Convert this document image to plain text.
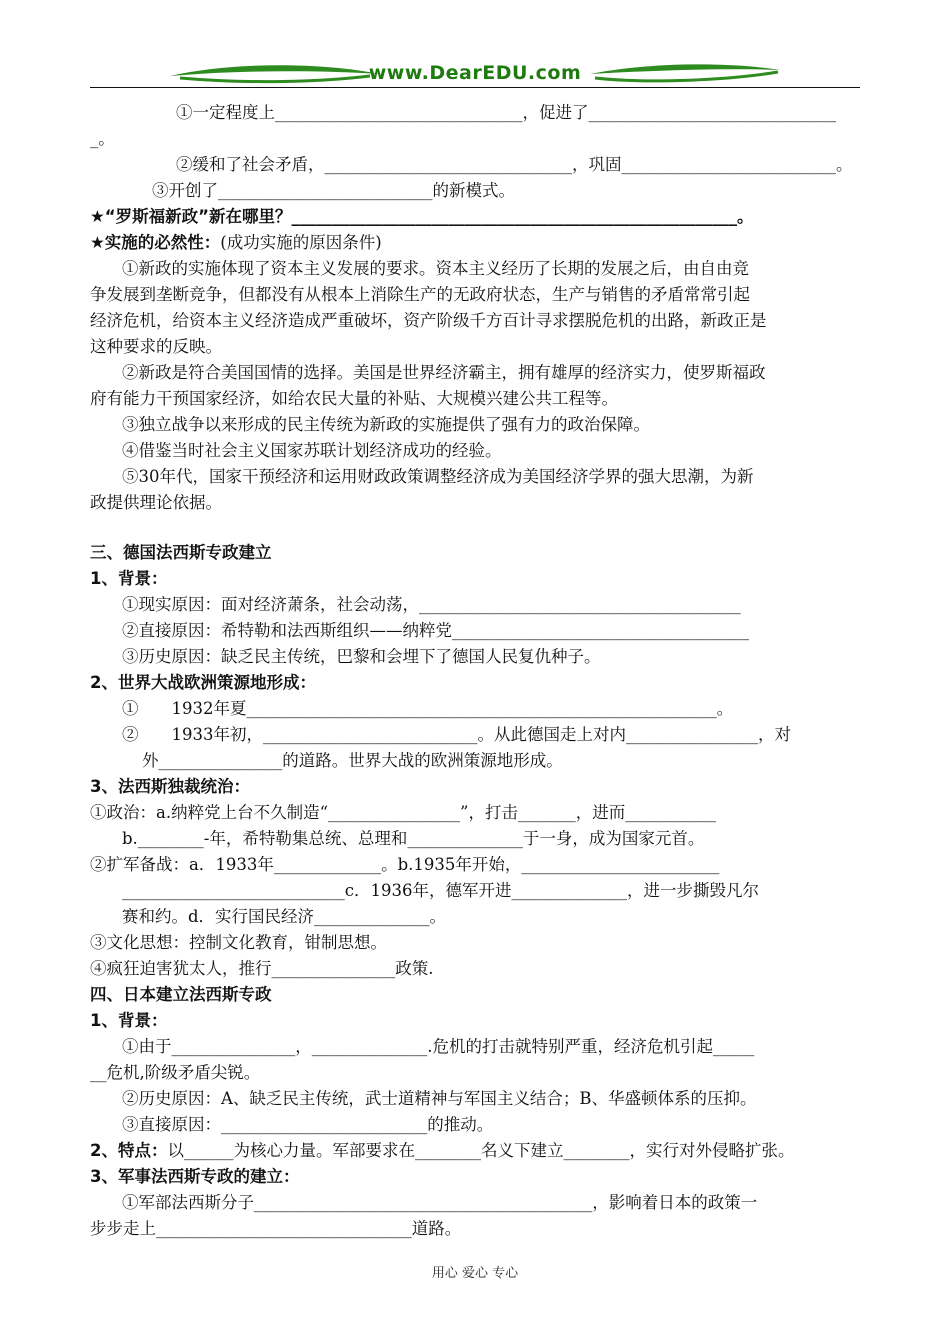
www.DearEDU.com
①一定程度上______________________________，促进了______________________________
_。
②缓和了社会矛盾，______________________________，巩固__________________________。
③开创了__________________________的新模式。
★“罗斯福新政”新在哪里？______________________________________________________。
★实施的必然性：(成功实施的原因条件)
①新政的实施体现了资本主义发展的要求。资本主义经历了长期的发展之后，由自由竞
争发展到垄断竞争，但都没有从根本上消除生产的无政府状态，生产与销售的矛盾常常引起
经济危机，给资本主义经济造成严重破坏，资产阶级千方百计寻求摆脱危机的出路，新政正是
这种要求的反映。
②新政是符合美国国情的选择。美国是世界经济霸主，拥有雄厚的经济实力，使罗斯福政
府有能力干预国家经济，如给农民大量的补贴、大规模兴建公共工程等。
③独立战争以来形成的民主传统为新政的实施提供了强有力的政治保障。
④借鉴当时社会主义国家苏联计划经济成功的经验。
⑤30年代，国家干预经济和运用财政政策调整经济成为美国经济学界的强大思潮，为新
政提供理论依据。
三、德国法西斯专政建立
1、背景：
①现实原因：面对经济萧条，社会动荡，_______________________________________
②直接原因：希特勒和法西斯组织——纳粹党____________________________________
③历史原因：缺乏民主传统，巴黎和会埋下了德国人民复仇种子。
2、世界大战欧洲策源地形成：
①　　1932年夏_________________________________________________________。
②　　1933年初，__________________________。从此德国走上对内________________，对
外_______________的道路。世界大战的欧洲策源地形成。
3、法西斯独裁统治：
①政治：a.纳粹党上台不久制造“________________”，打击_______，进而___________
b.________-年，希特勒集总统、总理和______________于一身，成为国家元首。
②扩军备战：a．1933年_____________。b.1935年开始，________________________
___________________________c．1936年，德军开进______________，进一步撕毁凡尔
赛和约。d．实行国民经济______________。
③文化思想：控制文化教育，钳制思想。
④疯狂迫害犹太人，推行_______________政策.
四、日本建立法西斯专政
1、背景：
①由于_______________，______________.危机的打击就特别严重，经济危机引起_____
__危机,阶级矛盾尖锐。
②历史原因：A、缺乏民主传统，武士道精神与军国主义结合；B、华盛顿体系的压抑。
③直接原因：_________________________的推动。
2、特点：以______为核心力量。军部要求在________名义下建立________，实行对外侵略扩张。
3、军事法西斯专政的建立：
①军部法西斯分子_________________________________________，影响着日本的政策一
步步走上_______________________________道路。
用心 爱心 专心
